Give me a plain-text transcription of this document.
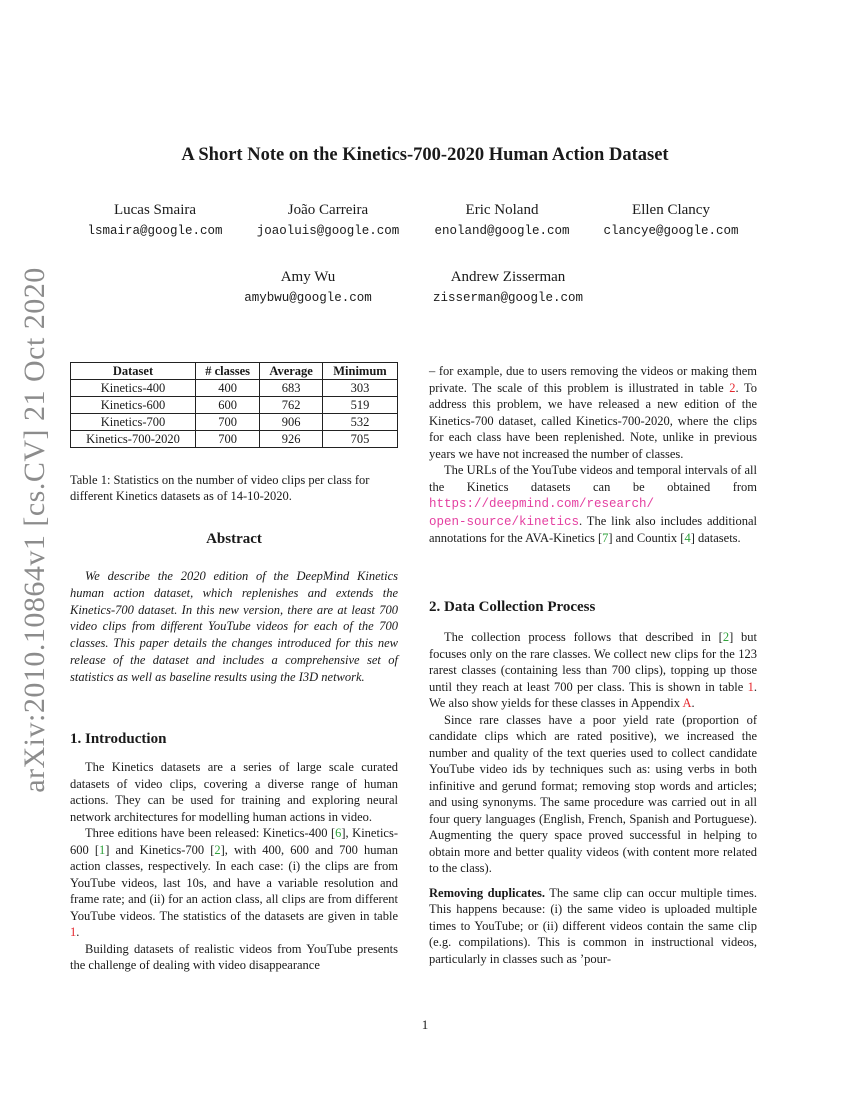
arXiv:2010.10864v1 [cs.CV] 21 Oct 2020
A Short Note on the Kinetics-700-2020 Human Action Dataset
Lucas Smaira
lsmaira@google.com
João Carreira
joaoluis@google.com
Eric Noland
enoland@google.com
Ellen Clancy
clancye@google.com
Amy Wu
amybwu@google.com
Andrew Zisserman
zisserman@google.com
Dataset	# classes	Average	Minimum
Kinetics-400	400	683	303
Kinetics-600	600	762	519
Kinetics-700	700	906	532
Kinetics-700-2020	700	926	705
Table 1: Statistics on the number of video clips per class for different Kinetics datasets as of 14-10-2020.
Abstract
We describe the 2020 edition of the DeepMind Kinetics human action dataset, which replenishes and extends the Kinetics-700 dataset. In this new version, there are at least 700 video clips from different YouTube videos for each of the 700 classes. This paper details the changes introduced for this new release of the dataset and includes a comprehensive set of statistics as well as baseline results using the I3D network.
1. Introduction

The Kinetics datasets are a series of large scale curated datasets of video clips, covering a diverse range of human actions. They can be used for training and exploring neural network architectures for modelling human actions in video.

Three editions have been released: Kinetics-400 [6], Kinetics-600 [1] and Kinetics-700 [2], with 400, 600 and 700 human action classes, respectively. In each case: (i) the clips are from YouTube videos, last 10s, and have a variable resolution and frame rate; and (ii) for an action class, all clips are from different YouTube videos. The statistics of the datasets are given in table 1.

Building datasets of realistic videos from YouTube presents the challenge of dealing with video disappearance

– for example, due to users removing the videos or making them private. The scale of this problem is illustrated in table 2. To address this problem, we have released a new edition of the Kinetics-700 dataset, called Kinetics-700-2020, where the clips for each class have been replenished. Note, unlike in previous years we have not increased the number of classes.

The URLs of the YouTube videos and temporal intervals of all the Kinetics datasets can be obtained from https://deepmind.com/research/
open-source/kinetics. The link also includes additional annotations for the AVA-Kinetics [7] and Countix [4] datasets.

2. Data Collection Process

The collection process follows that described in [2] but focuses only on the rare classes. We collect new clips for the 123 rarest classes (containing less than 700 clips), topping up those until they reach at least 700 per class. This is shown in table 1. We also show yields for these classes in Appendix A.

Since rare classes have a poor yield rate (proportion of candidate clips which are rated positive), we increased the number and quality of the text queries used to collect candidate YouTube video ids by techniques such as: using verbs in both infinitive and gerund format; removing stop words and articles; and using synonyms. The same procedure was carried out in all four query languages (English, French, Spanish and Portuguese). Augmenting the query space proved successful in helping to obtain more and better quality videos (with content more related to the class).

Removing duplicates. The same clip can occur multiple times. This happens because: (i) the same video is uploaded multiple times to YouTube; or (ii) different videos contain the same clip (e.g. compilations). This is common in instructional videos, particularly in classes such as ’pour-

1
